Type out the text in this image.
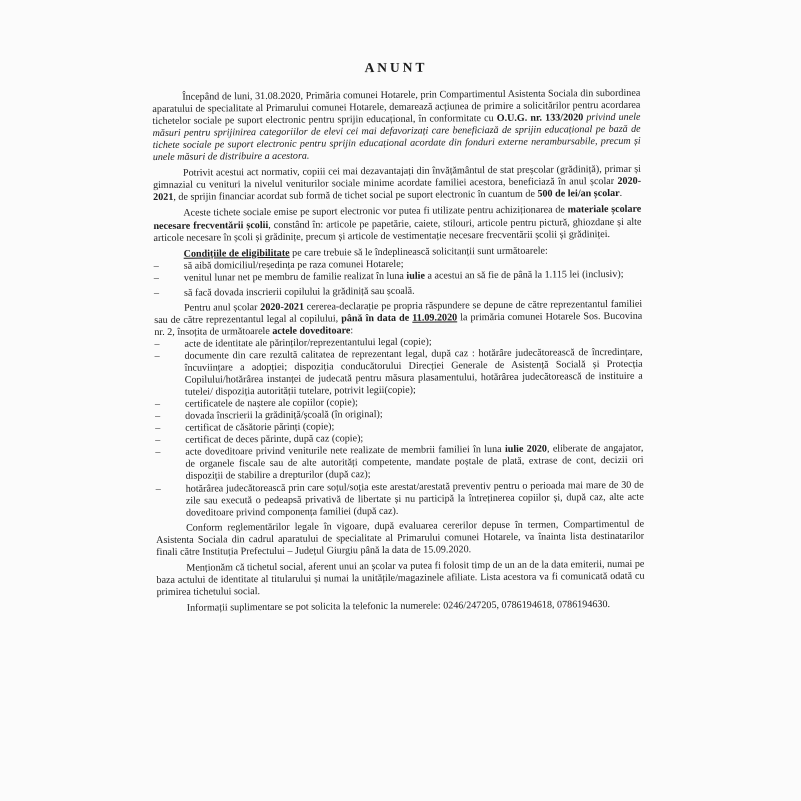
ANUNT

Începând de luni, 31.08.2020, Primăria comunei Hotarele, prin Compartimentul Asistenta Sociala din subordinea aparatului de specialitate al Primarului comunei Hotarele, demarează acțiunea de primire a solicitărilor pentru acordarea tichetelor sociale pe suport electronic pentru sprijin educațional, în conformitate cu O.U.G. nr. 133/2020 privind unele măsuri pentru sprijinirea categoriilor de elevi cei mai defavorizați care beneficiază de sprijin educațional pe bază de tichete sociale pe suport electronic pentru sprijin educațional acordate din fonduri externe nerambursabile, precum și unele măsuri de distribuire a acestora.

Potrivit acestui act normativ, copiii cei mai dezavantajați din învățământul de stat preșcolar (grădiniță), primar și gimnazial cu venituri la nivelul veniturilor sociale minime acordate familiei acestora, beneficiază în anul școlar 2020-2021, de sprijin financiar acordat sub formă de tichet social pe suport electronic în cuantum de 500 de lei/an școlar.

Aceste tichete sociale emise pe suport electronic vor putea fi utilizate pentru achiziționarea de materiale școlare necesare frecventării școlii, constând în: articole pe papetărie, caiete, stilouri, articole pentru pictură, ghiozdane și alte articole necesare în școli și grădinițe, precum și articole de vestimentație necesare frecventării școlii și grădiniței.

Condițiile de eligibilitate pe care trebuie să le îndeplinească solicitanții sunt următoarele:

– să aibă domiciliul/reședința pe raza comunei Hotarele;
– venitul lunar net pe membru de familie realizat în luna iulie a acestui an să fie de până la 1.115 lei (inclusiv);
– să facă dovada inscrierii copilului la grădiniță sau școală.

Pentru anul școlar 2020-2021 cererea-declarație pe propria răspundere se depune de către reprezentantul familiei sau de către reprezentantul legal al copilului, până în data de 11.09.2020 la primăria comunei Hotarele Sos. Bucovina nr. 2, însoțita de următoarele actele doveditoare:

– acte de identitate ale părinților/reprezentantului legal (copie);
– documente din care rezultă calitatea de reprezentant legal, după caz : hotărâre judecătorească de încredințare, încuviințare a adopției; dispoziția conducătorului Direcției Generale de Asistență Socială și Protecția Copilului/hotărârea instanței de judecată pentru măsura plasamentului, hotărârea judecătorească de instituire a tutelei/ dispoziția autorității tutelare, potrivit legii(copie);
– certificatele de naștere ale copiilor (copie);
– dovada înscrierii la grădiniță/școală (în original);
– certificat de căsătorie părinți (copie);
– certificat de deces părinte, după caz (copie);
– acte doveditoare privind veniturile nete realizate de membrii familiei în luna iulie 2020, eliberate de angajator, de organele fiscale sau de alte autorități competente, mandate poștale de plată, extrase de cont, decizii ori dispoziții de stabilire a drepturilor (după caz);
– hotărârea judecătorească prin care soțul/soția este arestat/arestată preventiv pentru o perioada mai mare de 30 de zile sau execută o pedeapsă privativă de libertate și nu participă la întreținerea copiilor și, după caz, alte acte doveditoare privind componența familiei (după caz).

Conform reglementărilor legale în vigoare, după evaluarea cererilor depuse în termen, Compartimentul de Asistenta Sociala din cadrul aparatului de specialitate al Primarului comunei Hotarele, va înainta lista destinatarilor finali către Instituția Prefectului – Județul Giurgiu până la data de 15.09.2020.

Menționăm că tichetul social, aferent unui an școlar va putea fi folosit timp de un an de la data emiterii, numai pe baza actului de identitate al titularului și numai la unitățile/magazinele afiliate. Lista acestora va fi comunicată odată cu primirea tichetului social.

Informații suplimentare se pot solicita la telefonic la numerele: 0246/247205, 0786194618, 0786194630.
